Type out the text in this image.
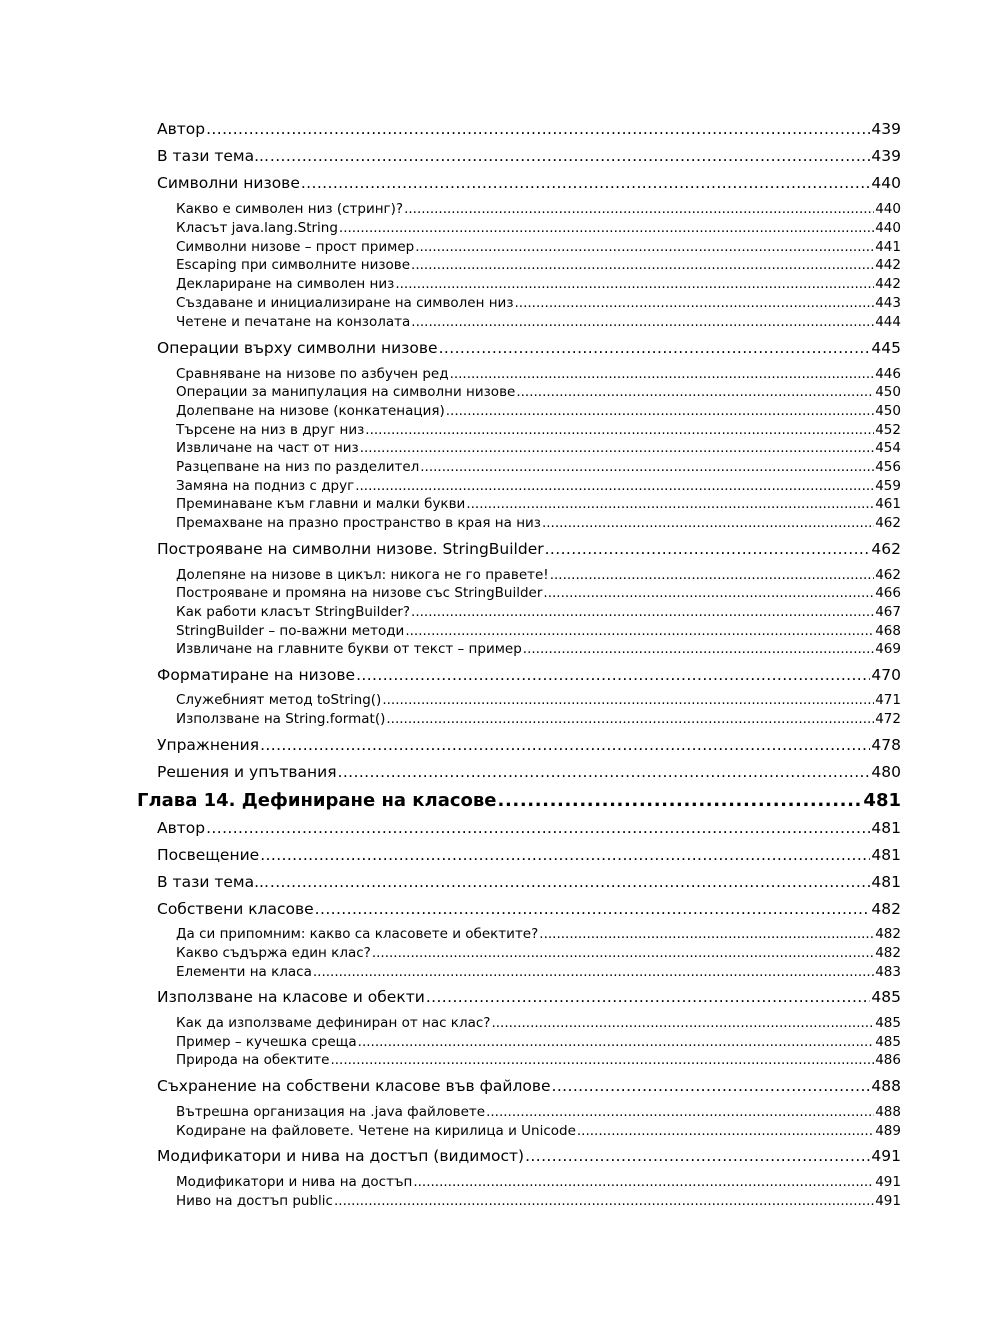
Автор .....	439
В тази тема... .....	439
Символни низове .....	440
Какво е символен низ (стринг)? .....	440
Класът java.lang.String .....	440
Символни низове – прост пример .....	441
Escaping при символните низове .....	442
Деклариране на символен низ .....	442
Създаване и инициализиране на символен низ .....	443
Четене и печатане на конзолата .....	444
Операции върху символни низове .....	445
Сравняване на низове по азбучен ред .....	446
Операции за манипулация на символни низове .....	450
Долепване на низове (конкатенация) .....	450
Търсене на низ в друг низ .....	452
Извличане на част от низ .....	454
Разцепване на низ по разделител .....	456
Замяна на подниз с друг .....	459
Преминаване към главни и малки букви .....	461
Премахване на празно пространство в края на низ .....	462
Построяване на символни низове. StringBuilder .....	462
Долепяне на низове в цикъл: никога не го правете! .....	462
Построяване и промяна на низове със StringBuilder .....	466
Как работи класът StringBuilder? .....	467
StringBuilder – по-важни методи .....	468
Извличане на главните букви от текст – пример .....	469
Форматиране на низове .....	470
Служебният метод toString() .....	471
Използване на String.format() .....	472
Упражнения .....	478
Решения и упътвания .....	480
Глава 14. Дефиниране на класове .....	481
Автор .....	481
Посвещение .....	481
В тази тема... .....	481
Собствени класове .....	482
Да си припомним: какво са класовете и обектите? .....	482
Какво съдържа един клас? .....	482
Елементи на класа .....	483
Използване на класове и обекти .....	485
Как да използваме дефиниран от нас клас? .....	485
Пример – кучешка среща .....	485
Природа на обектите .....	486
Съхранение на собствени класове във файлове .....	488
Вътрешна организация на .java файловете .....	488
Кодиране на файловете. Четене на кирилица и Unicode .....	489
Модификатори и нива на достъп (видимост) .....	491
Модификатори и нива на достъп .....	491
Ниво на достъп public .....	491
